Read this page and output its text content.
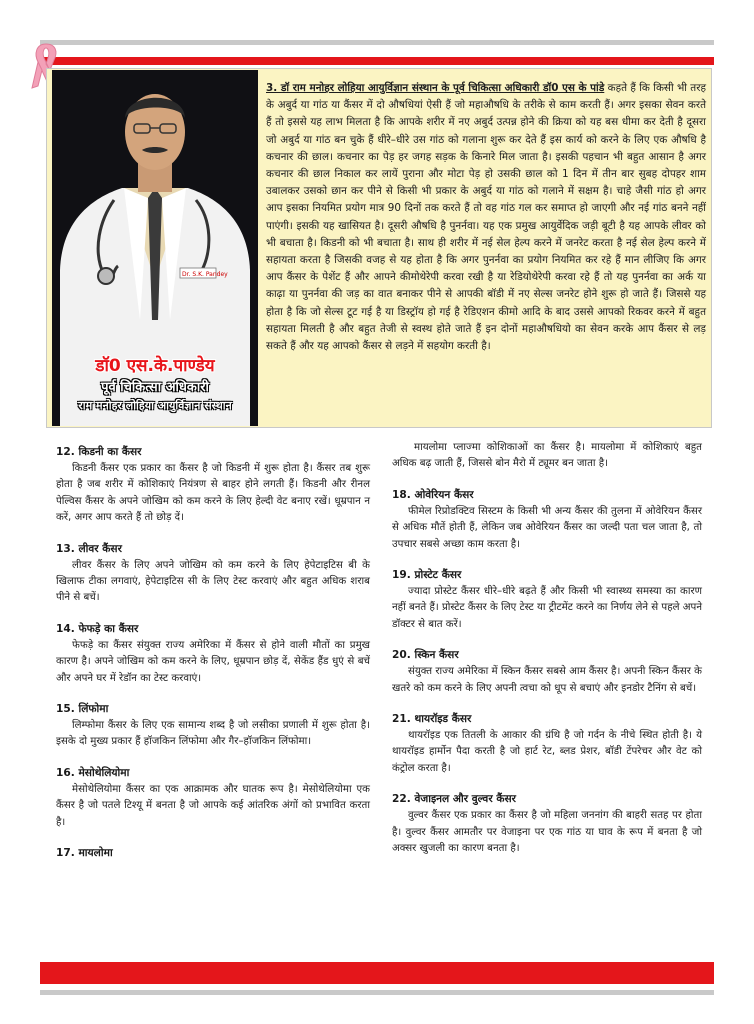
Dr. S.K. Pandey
डॉ0 एस.के.पाण्डेय
पूर्व चिकित्सा अधिकारी
राम मनोहर लोहिया आयुर्विज्ञान संस्थान
3. डॉ राम मनोहर लोहिया आयुर्विज्ञान संस्थान के पूर्व चिकित्सा अधिकारी डॉ0 एस के पांडे कहते हैं कि किसी भी तरह के अबुर्द या गांठ या कैंसर में दो औषधियां ऐसी हैं जो महाऔषधि के तरीके से काम करती हैं। अगर इसका सेवन करते हैं तो इससे यह लाभ मिलता है कि आपके शरीर में नए अबुर्द उत्पन्न होने की क्रिया को यह बस धीमा कर देती है दूसरा जो अबुर्द या गांठ बन चुके हैं धीरे–धीरे उस गांठ को गलाना शुरू कर देते हैं इस कार्य को करने के लिए एक औषधि है कचनार की छाल। कचनार का पेड़ हर जगह सड़क के किनारे मिल जाता है। इसकी पहचान भी बहुत आसान है अगर कचनार की छाल निकाल कर लायें पुराना और मोटा पेड़ हो उसकी छाल को 1 दिन में तीन बार सुबह दोपहर शाम उबालकर उसको छान कर पीने से किसी भी प्रकार के अबुर्द या गांठ को गलाने में सक्षम है। चाहे जैसी गांठ हो अगर आप इसका नियमित प्रयोग मात्र 90 दिनों तक करते हैं तो वह गांठ गल कर समाप्त हो जाएगी और नई गांठ बनने नहीं पाएंगी। इसकी यह खासियत है। दूसरी औषधि है पुनर्नवा। यह एक प्रमुख आयुर्वेदिक जड़ी बूटी है यह आपके लीवर को भी बचाता है। किडनी को भी बचाता है। साथ ही शरीर में नई सेल हेल्प करने में जनरेट करता है नई सेल हेल्प करने में सहायता करता है जिसकी वजह से यह होता है कि अगर पुनर्नवा का प्रयोग नियमित कर रहे हैं मान लीजिए कि अगर आप कैंसर के पेशेंट हैं और आपने कीमोथेरेपी करवा रखी है या रेडियोथेरेपी करवा रहे हैं तो यह पुनर्नवा का अर्क या काढ़ा या पुनर्नवा की जड़ का वात बनाकर पीने से आपकी बॉडी में नए सेल्स जनरेट होने शुरू हो जाते हैं। जिससे यह होता है कि जो सेल्स टूट गई है या डिस्ट्रॉय हो गई है रेडिएशन कीमो आदि के बाद उससे आपको रिकवर करने में बहुत सहायता मिलती है और बहुत तेजी से स्वस्थ होते जाते हैं इन दोनों महाऔषधियो का सेवन करके आप कैंसर से लड़ सकते हैं और यह आपको कैंसर से लड़ने में सहयोग करती है।
12. किडनी का कैंसर

किडनी कैंसर एक प्रकार का कैंसर है जो किडनी में शुरू होता है। कैंसर तब शुरू होता है जब शरीर में कोशिकाएं नियंत्रण से बाहर होने लगती हैं। किडनी और रीनल पेल्विस कैंसर के अपने जोखिम को कम करने के लिए हेल्दी वेट बनाए रखें। धूम्रपान न करें, अगर आप करते हैं तो छोड़ दें।

13. लीवर कैंसर

लीवर कैंसर के लिए अपने जोखिम को कम करने के लिए हेपेटाइटिस बी के खिलाफ टीका लगवाएं, हेपेटाइटिस सी के लिए टेस्ट करवाएं और बहुत अधिक शराब पीने से बचें।

14. फेफड़े का कैंसर

फेफड़े का कैंसर संयुक्त राज्य अमेरिका में कैंसर से होने वाली मौतों का प्रमुख कारण है। अपने जोखिम को कम करने के लिए, धूम्रपान छोड़ दें, सेकेंड हैंड धुएं से बचें और अपने घर में रेडॉन का टेस्ट करवाएं।

15. लिंफोमा

लिम्फोमा कैंसर के लिए एक सामान्य शब्द है जो लसीका प्रणाली में शुरू होता है। इसके दो मुख्य प्रकार हैं हॉजकिन लिंफोमा और गैर–हॉजकिन लिंफोमा।

16. मेसोथेलियोमा

मेसोथेलियोमा कैंसर का एक आक्रामक और घातक रूप है। मेसोथेलियोमा एक कैंसर है जो पतले टिश्यू में बनता है जो आपके कई आंतरिक अंगों को प्रभावित करता है।

17. मायलोमा

मायलोमा प्लाज्मा कोशिकाओं का कैंसर है। मायलोमा में कोशिकाएं बहुत अधिक बढ़ जाती हैं, जिससे बोन मैरो में ट्यूमर बन जाता है।

18. ओवेरियन कैंसर

फीमेल रिप्रोडक्टिव सिस्टम के किसी भी अन्य कैंसर की तुलना में ओवेरियन कैंसर से अधिक मौतें होती हैं, लेकिन जब ओवेरियन कैंसर का जल्दी पता चल जाता है, तो उपचार सबसे अच्छा काम करता है।

19. प्रोस्टेट कैंसर

ज्यादा प्रोस्टेट कैंसर धीरे–धीरे बढ़ते हैं और किसी भी स्वास्थ्य समस्या का कारण नहीं बनते हैं। प्रोस्टेट कैंसर के लिए टेस्ट या ट्रीटमेंट करने का निर्णय लेने से पहले अपने डॉक्टर से बात करें।

20. स्किन कैंसर

संयुक्त राज्य अमेरिका में स्किन कैंसर सबसे आम कैंसर है। अपनी स्किन कैंसर के खतरे को कम करने के लिए अपनी त्वचा को धूप से बचाएं और इनडोर टैनिंग से बचें।

21. थायरॉइड कैंसर

थायरॉइड एक तितली के आकार की ग्रंथि है जो गर्दन के नीचे स्थित होती है। ये थायरॉइड हार्मोन पैदा करती है जो हार्ट रेट, ब्लड प्रेशर, बॉडी टेंपरेचर और वेट को कंट्रोल करता है।

22. वेजाइनल और वुल्वर कैंसर

वुल्वर कैंसर एक प्रकार का कैंसर है जो महिला जननांग की बाहरी सतह पर होता है। वुल्वर कैंसर आमतौर पर वेजाइना पर एक गांठ या घाव के रूप में बनता है जो अक्सर खुजली का कारण बनता है।
